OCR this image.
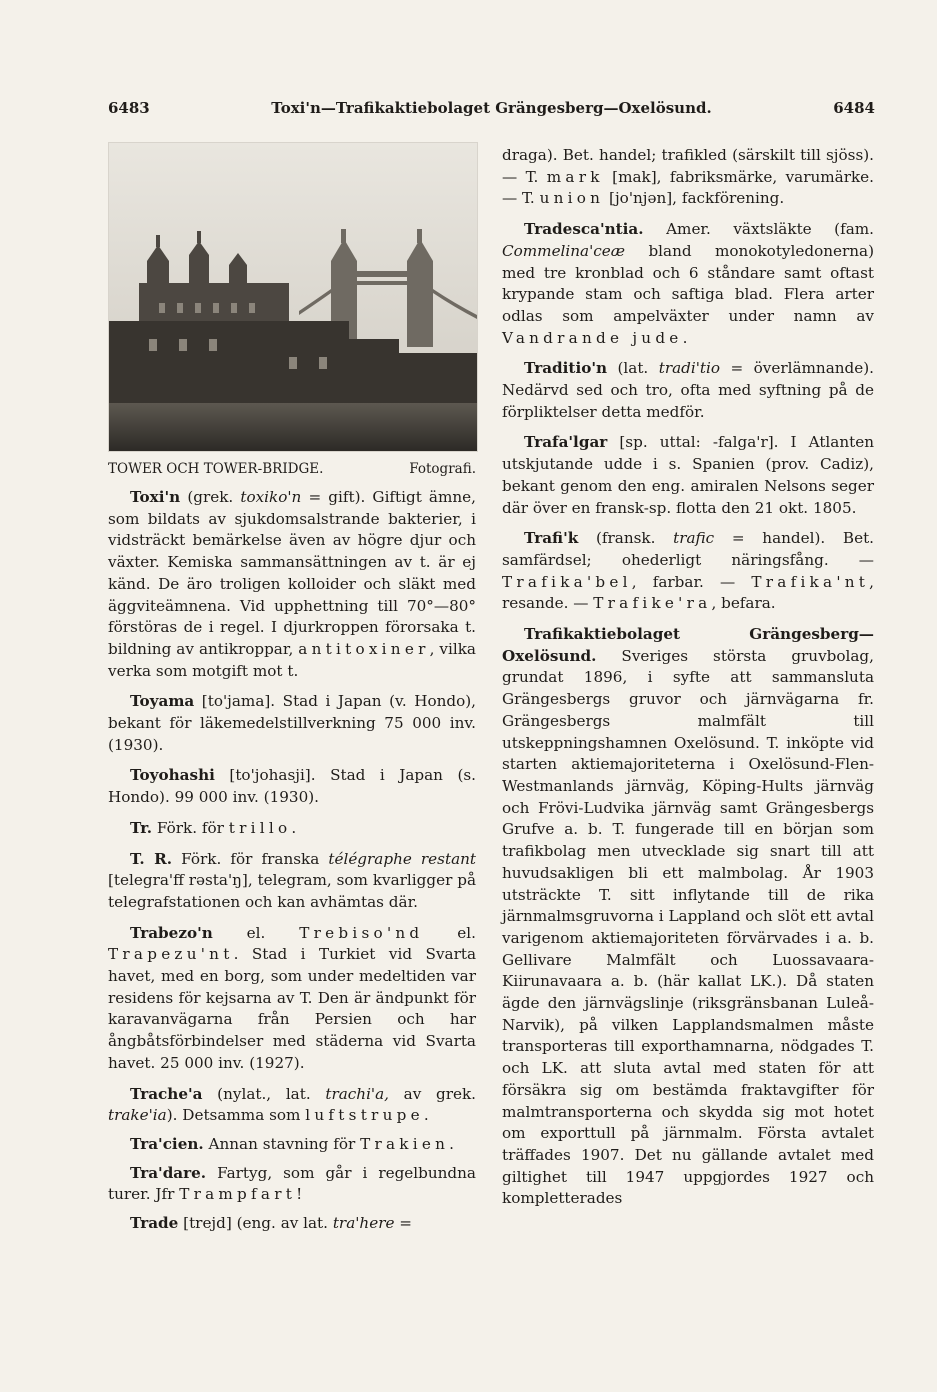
6483	Toxi'n—Trafikaktiebolaget Grängesberg—Oxelösund.	6484
TOWER OCH TOWER-BRIDGE.	Fotografi.

Toxi'n (grek. toxiko'n = gift). Giftigt ämne, som bildats av sjukdomsalstrande bakterier, i vidsträckt bemärkelse även av högre djur och växter. Kemiska sammansättningen av t. är ej känd. De äro troligen kolloider och släkt med äggviteämnena. Vid upphettning till 70°—80° förstöras de i regel. I djurkroppen förorsaka t. bildning av antikroppar, antitoxiner, vilka verka som motgift mot t.

Toyama [to'jama]. Stad i Japan (v. Hondo), bekant för läkemedelstillverkning 75 000 inv. (1930).

Toyohashi [to'johasji]. Stad i Japan (s. Hondo). 99 000 inv. (1930).

Tr. Förk. för trillo.

T. R. Förk. för franska télégraphe restant [telegra'ff rəsta'ŋ], telegram, som kvarligger på telegrafstationen och kan avhämtas där.

Trabezo'n el. Trebiso'nd el. Trapezu'nt. Stad i Turkiet vid Svarta havet, med en borg, som under medeltiden var residens för kejsarna av T. Den är ändpunkt för karavanvägarna från Persien och har ångbåtsförbindelser med städerna vid Svarta havet. 25 000 inv. (1927).

Trache'a (nylat., lat. trachi'a, av grek. trake'ia). Detsamma som luftstrupe.

Tra'cien. Annan stavning för Trakien.

Tra'dare. Fartyg, som går i regelbundna turer. Jfr Trampfart!

Trade [trejd] (eng. av lat. tra'here =

draga). Bet. handel; trafikled (särskilt till sjöss). — T. mark [mak], fabriksmärke, varumärke. — T. union [jo'njən], fackförening.

Tradesca'ntia. Amer. växtsläkte (fam. Commelina'ceæ bland monokotyledonerna) med tre kronblad och 6 ståndare samt oftast krypande stam och saftiga blad. Flera arter odlas som ampelväxter under namn av Vandrande jude.

Traditio'n (lat. tradi'tio = överlämnande). Nedärvd sed och tro, ofta med syftning på de förpliktelser detta medför.

Trafa'lgar [sp. uttal: -falga'r]. I Atlanten utskjutande udde i s. Spanien (prov. Cadiz), bekant genom den eng. amiralen Nelsons seger där över en fransk-sp. flotta den 21 okt. 1805.

Trafi'k (fransk. trafic = handel). Bet. samfärdsel; ohederligt näringsfång. — Trafika'bel, farbar. — Trafika'nt, resande. — Trafike'ra, befara.

Trafikaktiebolaget Grängesberg—Oxelösund. Sveriges största gruvbolag, grundat 1896, i syfte att sammansluta Grängesbergs gruvor och järnvägarna fr. Grängesbergs malmfält till utskeppningshamnen Oxelösund. T. inköpte vid starten aktiemajoriteterna i Oxelösund-Flen-Westmanlands järnväg, Köping-Hults järnväg och Frövi-Ludvika järnväg samt Grängesbergs Grufve a. b. T. fungerade till en början som trafikbolag men utvecklade sig snart till att huvudsakligen bli ett malmbolag. År 1903 utsträckte T. sitt inflytande till de rika järnmalmsgruvorna i Lappland och slöt ett avtal varigenom aktiemajoriteten förvärvades i a. b. Gellivare Malmfält och Luossavaara-Kiirunavaara a. b. (här kallat LK.). Då staten ägde den järnvägslinje (riksgränsbanan Luleå-Narvik), på vilken Lapplandsmalmen måste transporteras till exporthamnarna, nödgades T. och LK. att sluta avtal med staten för att försäkra sig om bestämda fraktavgifter för malmtransporterna och skydda sig mot hotet om exporttull på järnmalm. Första avtalet träffades 1907. Det nu gällande avtalet med giltighet till 1947 uppgjordes 1927 och kompletterades
